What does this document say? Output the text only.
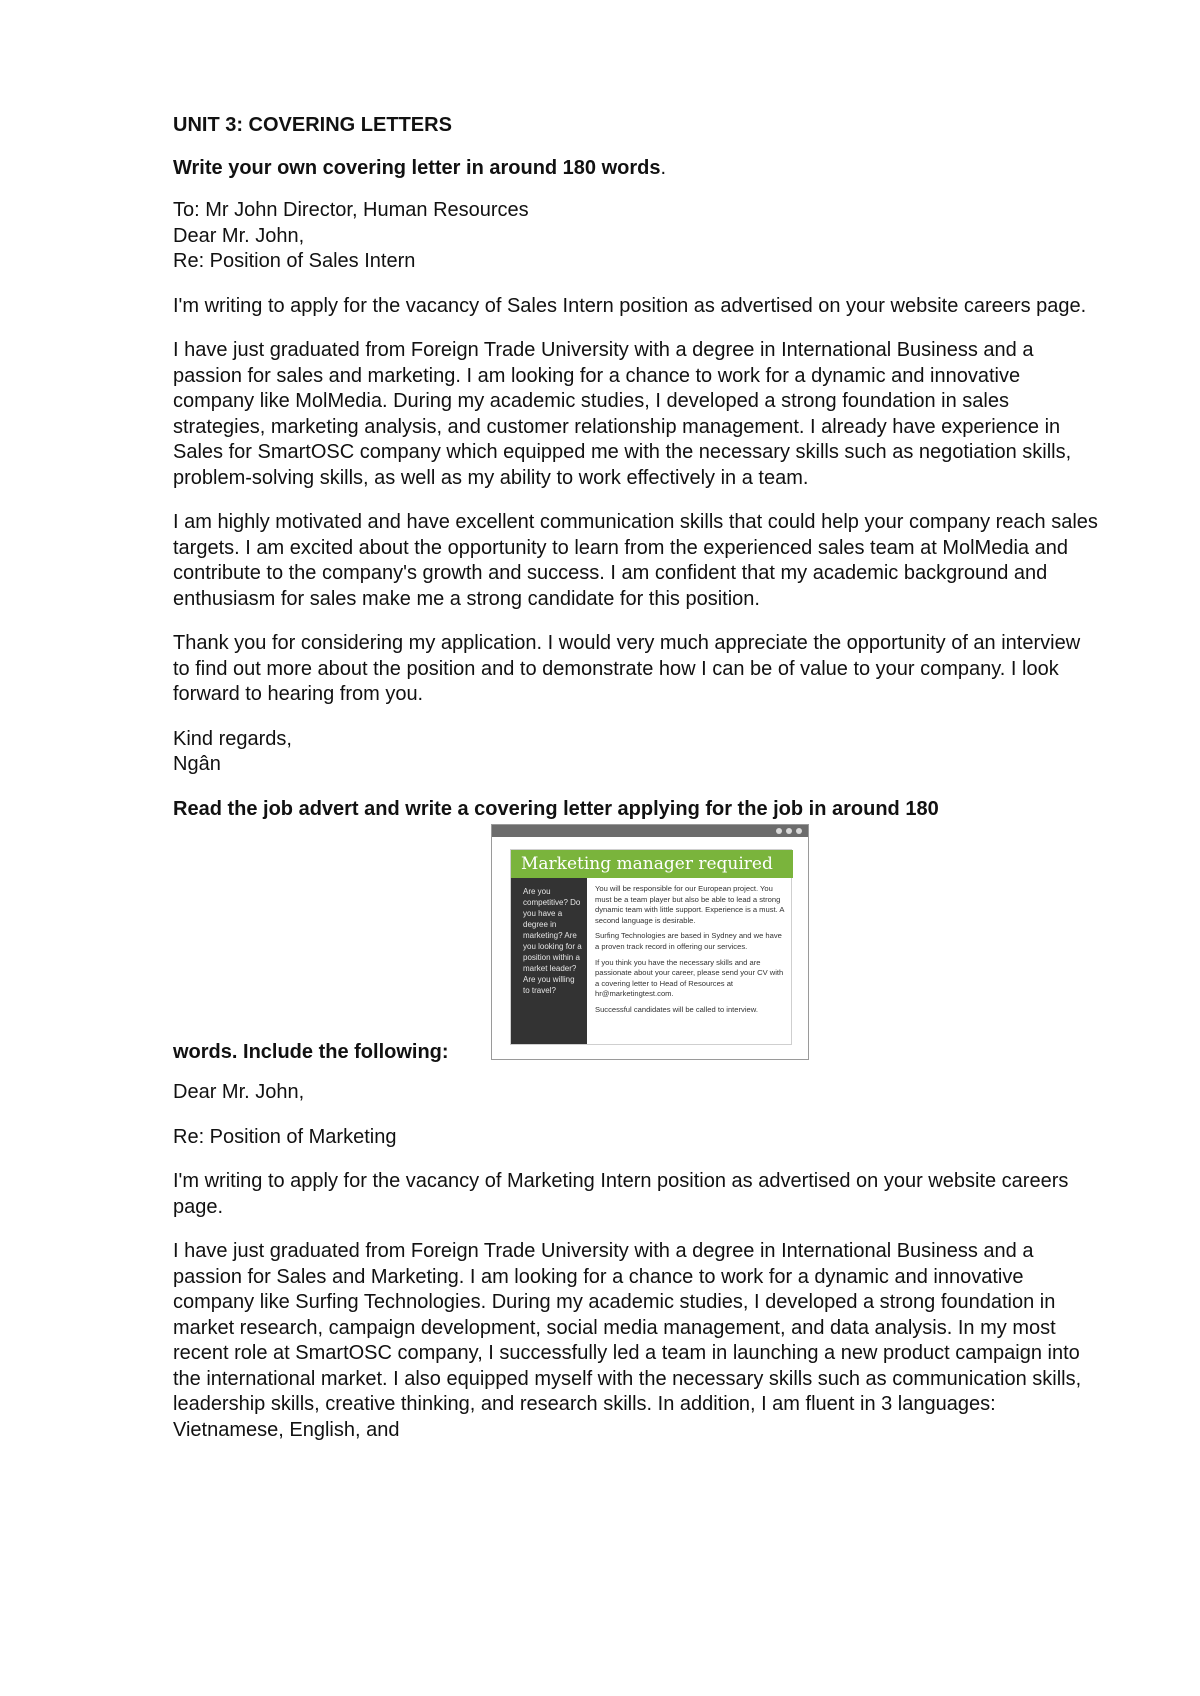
UNIT 3: COVERING LETTERS

Write your own covering letter in around 180 words.

To: Mr John Director, Human Resources
Dear Mr. John,
Re: Position of Sales Intern

I'm writing to apply for the vacancy of Sales Intern position as advertised on your website careers page.

I have just graduated from Foreign Trade University with a degree in International Business and a passion for sales and marketing. I am looking for a chance to work for a dynamic and innovative company like MolMedia. During my academic studies, I developed a strong foundation in sales strategies, marketing analysis, and customer relationship management. I already have experience in Sales for SmartOSC company which equipped me with the necessary skills such as negotiation skills, problem-solving skills, as well as my ability to work effectively in a team.

I am highly motivated and have excellent communication skills that could help your company reach sales targets. I am excited about the opportunity to learn from the experienced sales team at MolMedia and contribute to the company's growth and success. I am confident that my academic background and enthusiasm for sales make me a strong candidate for this position.

Thank you for considering my application. I would very much appreciate the opportunity of an interview to find out more about the position and to demonstrate how I can be of value to your company. I look forward to hearing from you.

Kind regards,
Ngân
Read the job advert and write a covering letter applying for the job in around 180
words. Include the following:
Marketing manager required
Are you competitive? Do you have a degree in marketing? Are you looking for a position within a market leader? Are you willing to travel?

You will be responsible for our European project. You must be a team player but also be able to lead a strong dynamic team with little support. Experience is a must. A second language is desirable.

Surfing Technologies are based in Sydney and we have a proven track record in offering our services.

If you think you have the necessary skills and are passionate about your career, please send your CV with a covering letter to Head of Resources at hr@marketingtest.com.

Successful candidates will be called to interview.

Dear Mr. John,

Re: Position of Marketing

I'm writing to apply for the vacancy of Marketing Intern position as advertised on your website careers page.

I have just graduated from Foreign Trade University with a degree in International Business and a passion for Sales and Marketing. I am looking for a chance to work for a dynamic and innovative company like Surfing Technologies. During my academic studies, I developed a strong foundation in market research, campaign development, social media management, and data analysis. In my most recent role at SmartOSC company, I successfully led a team in launching a new product campaign into the international market. I also equipped myself with the necessary skills such as communication skills, leadership skills, creative thinking, and research skills. In addition, I am fluent in 3 languages: Vietnamese, English, and
